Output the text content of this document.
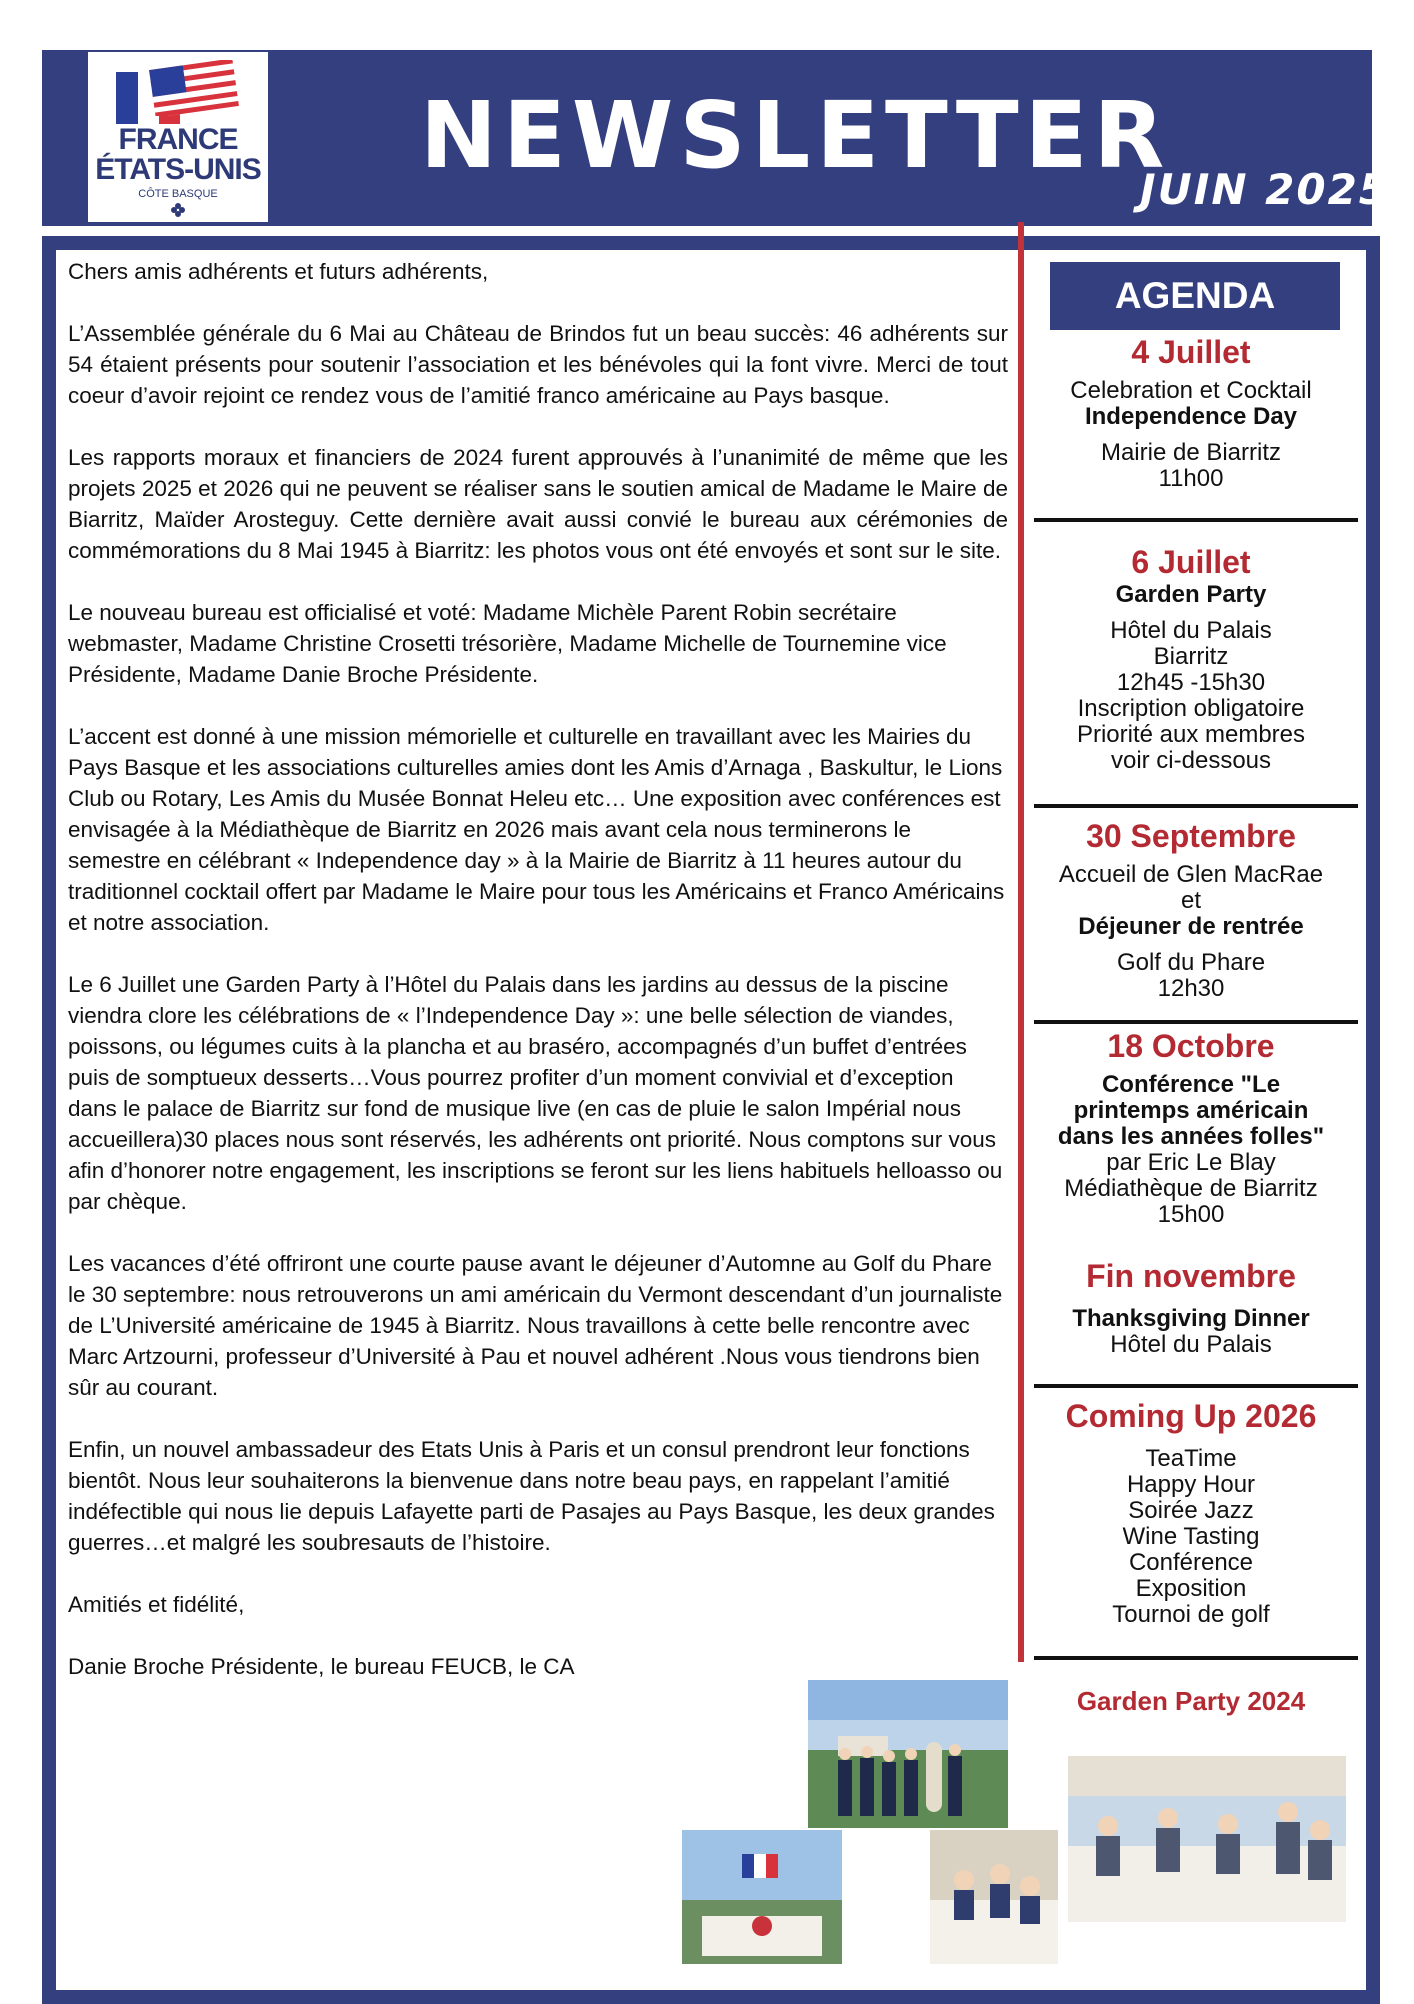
FRANCE
ÉTATS-UNIS
CÔTE BASQUE
NEWSLETTER
JUIN 2025

Chers amis adhérents et futurs adhérents,

L’Assemblée générale du 6 Mai au Château de Brindos fut un beau succès: 46 adhérents sur 54 étaient présents pour soutenir l’association et les bénévoles qui la font vivre. Merci de tout coeur d’avoir rejoint ce rendez vous de l’amitié franco américaine au Pays basque.

Les rapports moraux et financiers de 2024 furent approuvés à l’unanimité de même que les projets 2025 et 2026 qui ne peuvent se réaliser sans le soutien amical de Madame le Maire de Biarritz, Maïder Arosteguy. Cette dernière avait aussi convié le bureau aux cérémonies de commémorations du 8 Mai 1945 à Biarritz: les photos vous ont été envoyés et sont sur le site.

Le nouveau bureau est officialisé et voté: Madame Michèle Parent Robin secrétaire webmaster, Madame Christine Crosetti trésorière, Madame Michelle de Tournemine vice Présidente, Madame Danie Broche Présidente.

L’accent est donné à une mission mémorielle et culturelle en travaillant avec les Mairies du Pays Basque et les associations culturelles amies dont les Amis d’Arnaga , Baskultur, le Lions Club ou Rotary, Les Amis du Musée Bonnat Heleu etc… Une exposition avec conférences est envisagée à la Médiathèque de Biarritz en 2026 mais avant cela nous terminerons le semestre en célébrant « Independence day » à la Mairie de Biarritz à 11 heures autour du traditionnel cocktail offert par Madame le Maire pour tous les Américains et Franco Américains et notre association.

Le 6 Juillet une Garden Party à l’Hôtel du Palais dans les jardins au dessus de la piscine viendra clore les célébrations de « l’Independence Day »: une belle sélection de viandes, poissons, ou légumes cuits à la plancha et au braséro, accompagnés d’un buffet d’entrées puis de somptueux desserts…Vous pourrez profiter d’un moment convivial et d’exception dans le palace de Biarritz sur fond de musique live (en cas de pluie le salon Impérial nous accueillera)30 places nous sont réservés, les adhérents ont priorité. Nous comptons sur vous afin d’honorer notre engagement, les inscriptions se feront sur les liens habituels helloasso ou par chèque.

Les vacances d’été offriront une courte pause avant le déjeuner d’Automne au Golf du Phare le 30 septembre: nous retrouverons un ami américain du Vermont descendant d’un journaliste de L’Université américaine de 1945 à Biarritz. Nous travaillons à cette belle rencontre avec Marc Artzourni, professeur d’Université à Pau et nouvel adhérent .Nous vous tiendrons bien sûr au courant.

Enfin, un nouvel ambassadeur des Etats Unis à Paris et un consul prendront leur fonctions bientôt. Nous leur souhaiterons la bienvenue dans notre beau pays, en rappelant l’amitié indéfectible qui nous lie depuis Lafayette parti de Pasajes au Pays Basque, les deux grandes guerres…et malgré les soubresauts de l’histoire.

Amitiés et fidélité,

Danie Broche Présidente, le bureau FEUCB, le CA

AGENDA
4 Juillet
Celebration et Cocktail
Independence Day
Mairie de Biarritz
11h00
6 Juillet
Garden Party
Hôtel du Palais
Biarritz
12h45 -15h30
Inscription obligatoire
Priorité aux membres
voir ci-dessous
30 Septembre
Accueil de Glen MacRae
et
Déjeuner de rentrée
Golf du Phare
12h30
18 Octobre
Conférence "Le
printemps américain
dans les années folles"
par Eric Le Blay
Médiathèque de Biarritz
15h00
Fin novembre
Thanksgiving Dinner
Hôtel du Palais
Coming Up 2026
TeaTime
Happy Hour
Soirée Jazz
Wine Tasting
Conférence
Exposition
Tournoi de golf
Garden Party 2024
